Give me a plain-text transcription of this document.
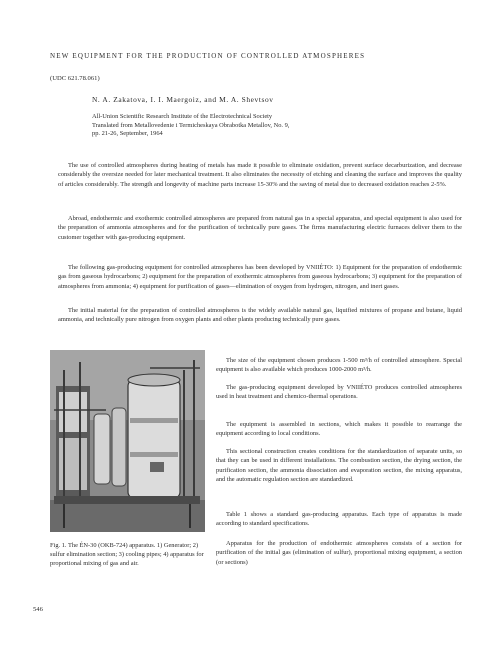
NEW EQUIPMENT FOR THE PRODUCTION OF CONTROLLED ATMOSPHERES
(UDC 621.78.061)
N. A. Zakatova, I. I. Maergoiz, and M. A. Shevtsov
All-Union Scientific Research Institute of the Electrotechnical Society
Translated from Metallovedenie i Termicheskaya Obrabotka Metallov, No. 9,
pp. 21-26, September, 1964

The use of controlled atmospheres during heating of metals has made it possible to eliminate oxidation, prevent surface decarburization, and decrease considerably the oversize needed for later mechanical treatment. It also eliminates the necessity of etching and cleaning the surface and improves the quality of articles considerably. The strength and longevity of machine parts increase 15-30% and the saving of metal due to decreased oxidation reaches 2-5%.

Abroad, endothermic and exothermic controlled atmospheres are prepared from natural gas in a special apparatus, and special equipment is also used for the preparation of ammonia atmospheres and for the purification of technically pure gases. The firms manufacturing electric furnaces deliver them to the customer together with gas-producing equipment.

The following gas-producing equipment for controlled atmospheres has been developed by VNIIÉTO: 1) Equipment for the preparation of endothermic gas from gaseous hydrocarbons; 2) equipment for the preparation of exothermic atmospheres from gaseous hydrocarbons; 3) equipment for the preparation of atmospheres from ammonia; 4) equipment for purification of gases—elimination of oxygen from hydrogen, nitrogen, and inert gases.

The initial material for the preparation of controlled atmospheres is the widely available natural gas, liquified mixtures of propane and butane, liquid ammonia, and technically pure nitrogen from oxygen plants and other plants producing technically pure gases.

Fig. 1. The ÉN-30 (OKB-724) apparatus. 1) Generator; 2) sulfur elimination section; 3) cooling pipes; 4) apparatus for proportional mixing of gas and air.

The size of the equipment chosen produces 1-500 m³/h of controlled atmosphere. Special equipment is also available which produces 1000-2000 m³/h.

The gas-producing equipment developed by VNIIÉTO produces controlled atmospheres used in heat treatment and chemico-thermal operations.

The equipment is assembled in sections, which makes it possible to rearrange the equipment according to local conditions.

This sectional construction creates conditions for the standardization of separate units, so that they can be used in different installations. The combustion section, the drying section, the purification section, the ammonia dissociation and evaporation section, the mixing apparatus, and the automatic regulation section are standardized.

Table 1 shows a standard gas-producing apparatus. Each type of apparatus is made according to standard specifications.

Apparatus for the production of endothermic atmospheres consists of a section for purification of the initial gas (elimination of sulfur), proportional mixing equipment, a section (or sections)

546
